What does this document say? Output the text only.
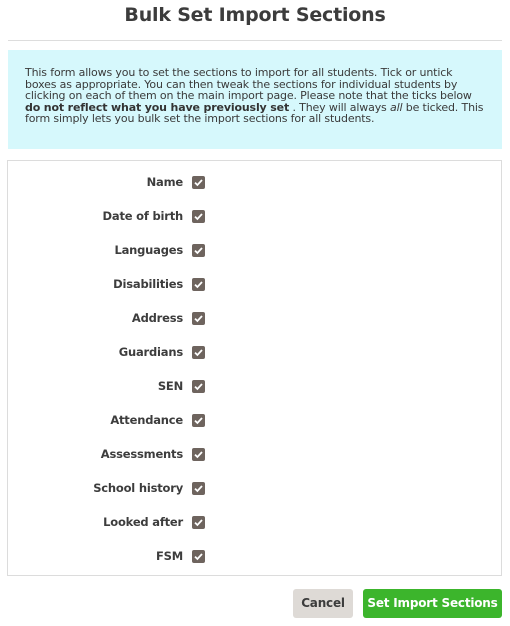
Bulk Set Import Sections
This form allows you to set the sections to import for all students. Tick or untick boxes as appropriate. You can then tweak the sections for individual students by clicking on each of them on the main import page. Please note that the ticks below do not reflect what you have previously set . They will always all be ticked. This form simply lets you bulk set the import sections for all students.
Name
Date of birth
Languages
Disabilities
Address
Guardians
SEN
Attendance
Assessments
School history
Looked after
FSM
Cancel	Set Import Sections
